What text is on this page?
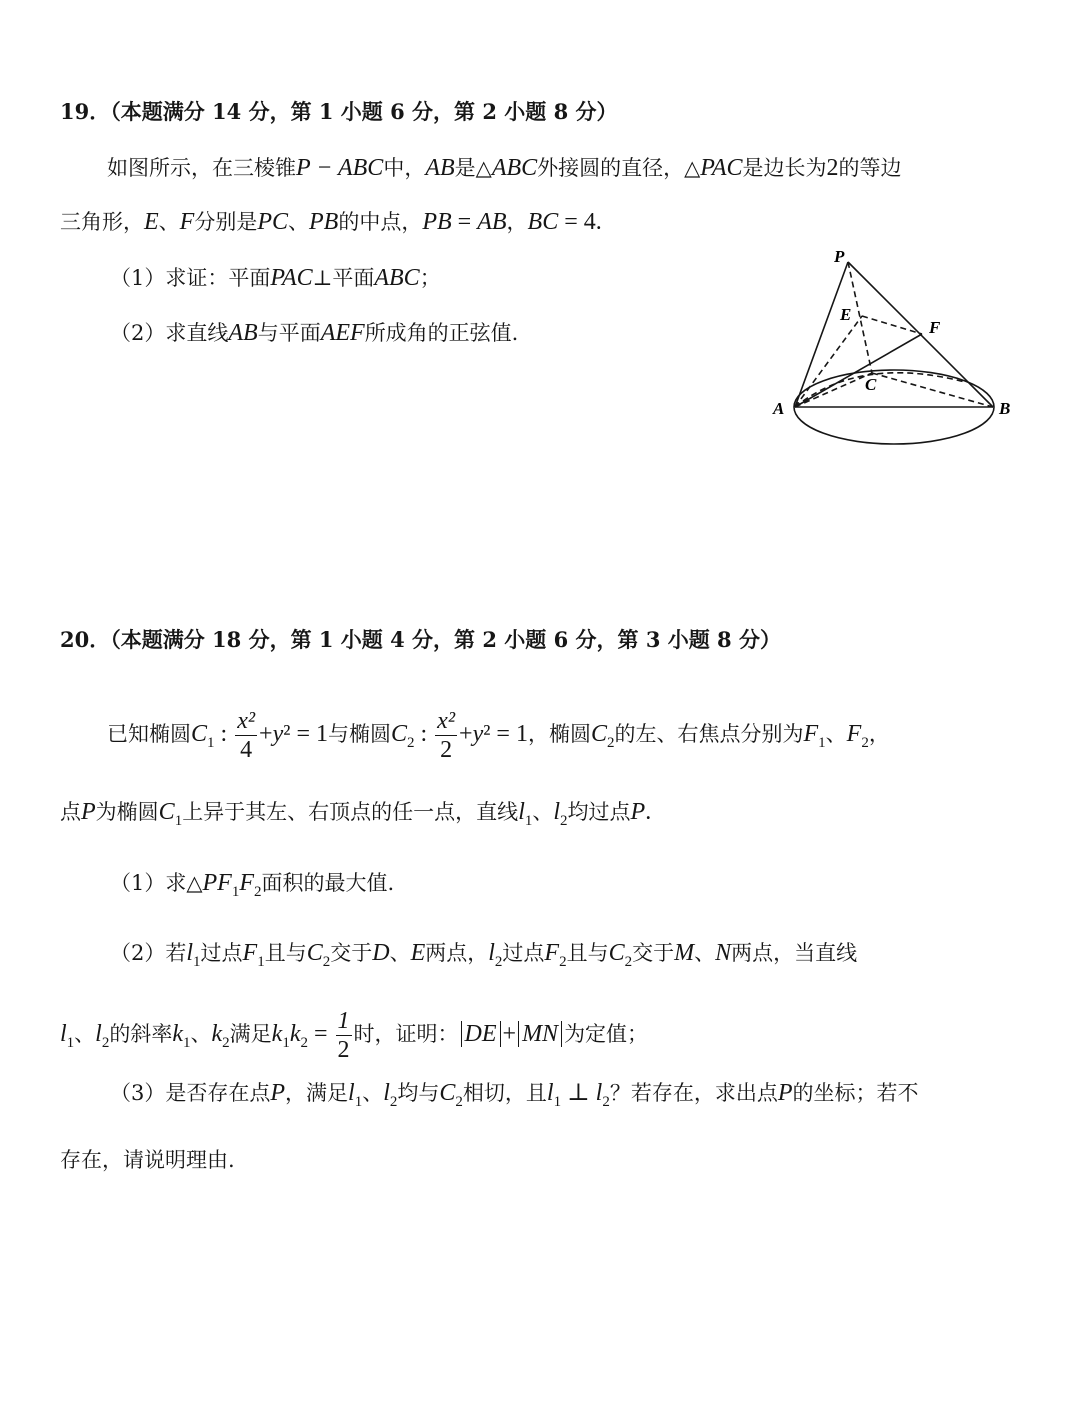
19．（本题满分 14 分，第 1 小题 6 分，第 2 小题 8 分）
如图所示，在三棱锥P − ABC中，AB是△ABC外接圆的直径，△PAC是边长为2的等边
三角形，E、F分别是PC、PB的中点，PB = AB，BC = 4.
（1）求证：平面PAC⊥平面ABC；
（2）求直线AB与平面AEF所成角的正弦值.
P
E
F
C
A	B
20．（本题满分 18 分，第 1 小题 4 分，第 2 小题 6 分，第 3 小题 8 分）
已知椭圆$C_1$ : $\frac{\text{x²}}{4} +y^2 = 1$与椭圆$C_2$ : $\frac{\text{x²}}{2} +y^2 = 1$，椭圆$C_2$的左、右焦点分别为$F_1$、$F_2$，
点P为椭圆$C_1$上异于其左、右顶点的任一点，直线$l_1$、$l_2$均过点P.
（1）求$\triangle PF_1F_2$面积的最大值.
（2）若$l_1$过点$F_1$且与$C_2$交于D、E两点，$l_2$过点$F_2$且与$C_2$交于M、N两点，当直线
$l_1$、$l_2$的斜率$k_1$、$k_2$满足$k_1k_2 = \frac{1}{2}$ 时，证明： DE + MN 为定值；
（3）是否存在点P，满足$l_1$、$l_2$均与$C_2$相切，且$l_1$ ⊥ $l_2$？若存在，求出点P的坐标；若不
存在，请说明理由.
